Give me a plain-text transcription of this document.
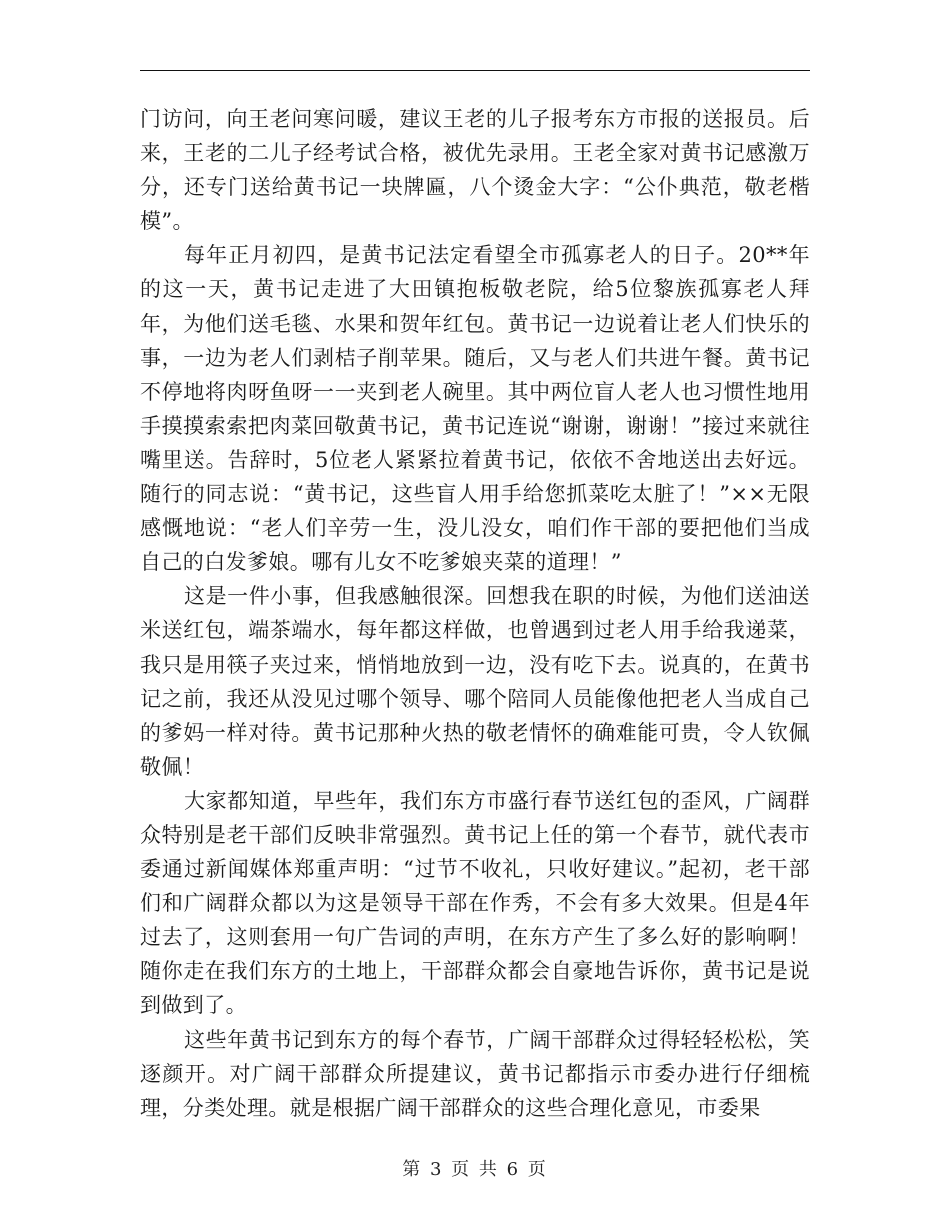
门访问，向王老问寒问暖，建议王老的儿子报考东方市报的送报员。后来，王老的二儿子经考试合格，被优先录用。王老全家对黄书记感激万分，还专门送给黄书记一块牌匾，八个烫金大字：“公仆典范，敬老楷模”。

每年正月初四，是黄书记法定看望全市孤寡老人的日子。20**年的这一天，黄书记走进了大田镇抱板敬老院，给5位黎族孤寡老人拜年，为他们送毛毯、水果和贺年红包。黄书记一边说着让老人们快乐的事，一边为老人们剥桔子削苹果。随后，又与老人们共进午餐。黄书记不停地将肉呀鱼呀一一夹到老人碗里。其中两位盲人老人也习惯性地用手摸摸索索把肉菜回敬黄书记，黄书记连说“谢谢，谢谢！”接过来就往嘴里送。告辞时，5位老人紧紧拉着黄书记，依依不舍地送出去好远。随行的同志说：“黄书记，这些盲人用手给您抓菜吃太脏了！”××无限感慨地说：“老人们辛劳一生，没儿没女，咱们作干部的要把他们当成自己的白发爹娘。哪有儿女不吃爹娘夹菜的道理！”

这是一件小事，但我感触很深。回想我在职的时候，为他们送油送米送红包，端茶端水，每年都这样做，也曾遇到过老人用手给我递菜，我只是用筷子夹过来，悄悄地放到一边，没有吃下去。说真的，在黄书记之前，我还从没见过哪个领导、哪个陪同人员能像他把老人当成自己的爹妈一样对待。黄书记那种火热的敬老情怀的确难能可贵，令人钦佩敬佩！

大家都知道，早些年，我们东方市盛行春节送红包的歪风，广阔群众特别是老干部们反映非常强烈。黄书记上任的第一个春节，就代表市委通过新闻媒体郑重声明：“过节不收礼，只收好建议。”起初，老干部们和广阔群众都以为这是领导干部在作秀，不会有多大效果。但是4年过去了，这则套用一句广告词的声明，在东方产生了多么好的影响啊！随你走在我们东方的土地上，干部群众都会自豪地告诉你，黄书记是说到做到了。

这些年黄书记到东方的每个春节，广阔干部群众过得轻轻松松，笑逐颜开。对广阔干部群众所提建议，黄书记都指示市委办进行仔细梳理，分类处理。就是根据广阔干部群众的这些合理化意见，市委果

第 3 页 共 6 页
